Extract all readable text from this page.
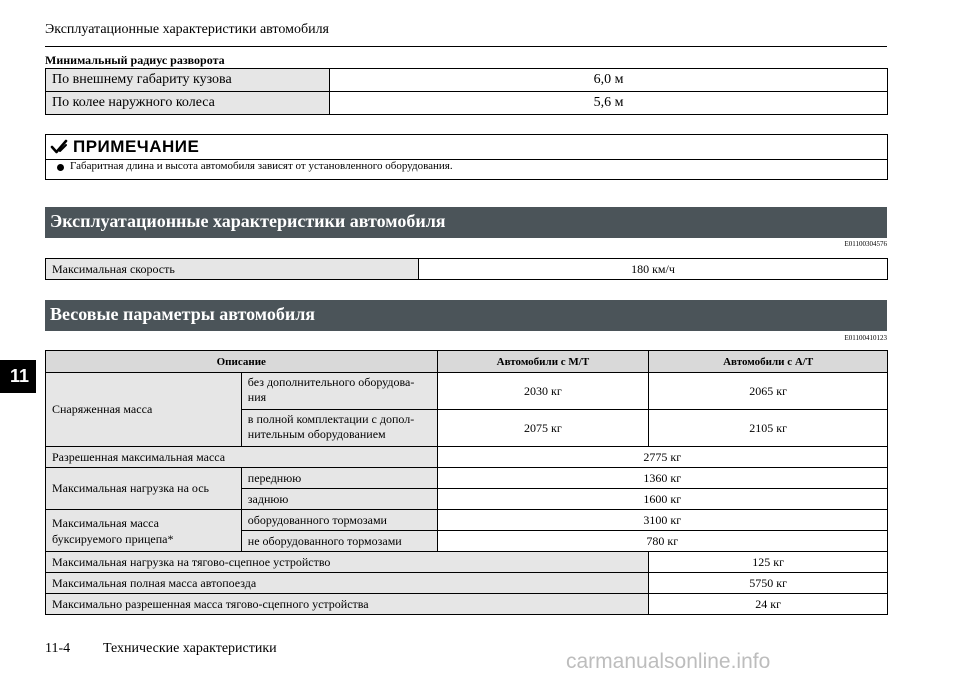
Эксплуатационные характеристики автомобиля
Минимальный радиус разворота
По внешнему габариту кузова	6,0 м
По колее наружного колеса	5,6 м
ПРИМЕЧАНИЕ
Габаритная длина и высота автомобиля зависят от установленного оборудования.
Эксплуатационные характеристики автомобиля
E01100304576
Максимальная скорость	180 км/ч
Весовые параметры автомобиля
E01100410123
Описание		Автомобили с M/T	Автомобили с A/T
Снаряженная масса	без дополнительного оборудова-ния	2030 кг	2065 кг
	в полной комплектации с допол-нительным оборудованием	2075 кг	2105 кг
Разрешенная максимальная масса		2775 кг	
Максимальная нагрузка на ось	переднюю	1360 кг	
	заднюю	1600 кг	
Максимальная масса
буксируемого прицепа*	оборудованного тормозами	3100 кг	
	не оборудованного тормозами	780 кг	
Максимальная нагрузка на тягово-сцепное устройство			125 кг
Максимальная полная масса автопоезда			5750 кг
Максимально разрешенная масса тягово-сцепного устройства			24 кг
11
11-4 Технические характеристики
carmanualsonline.info
